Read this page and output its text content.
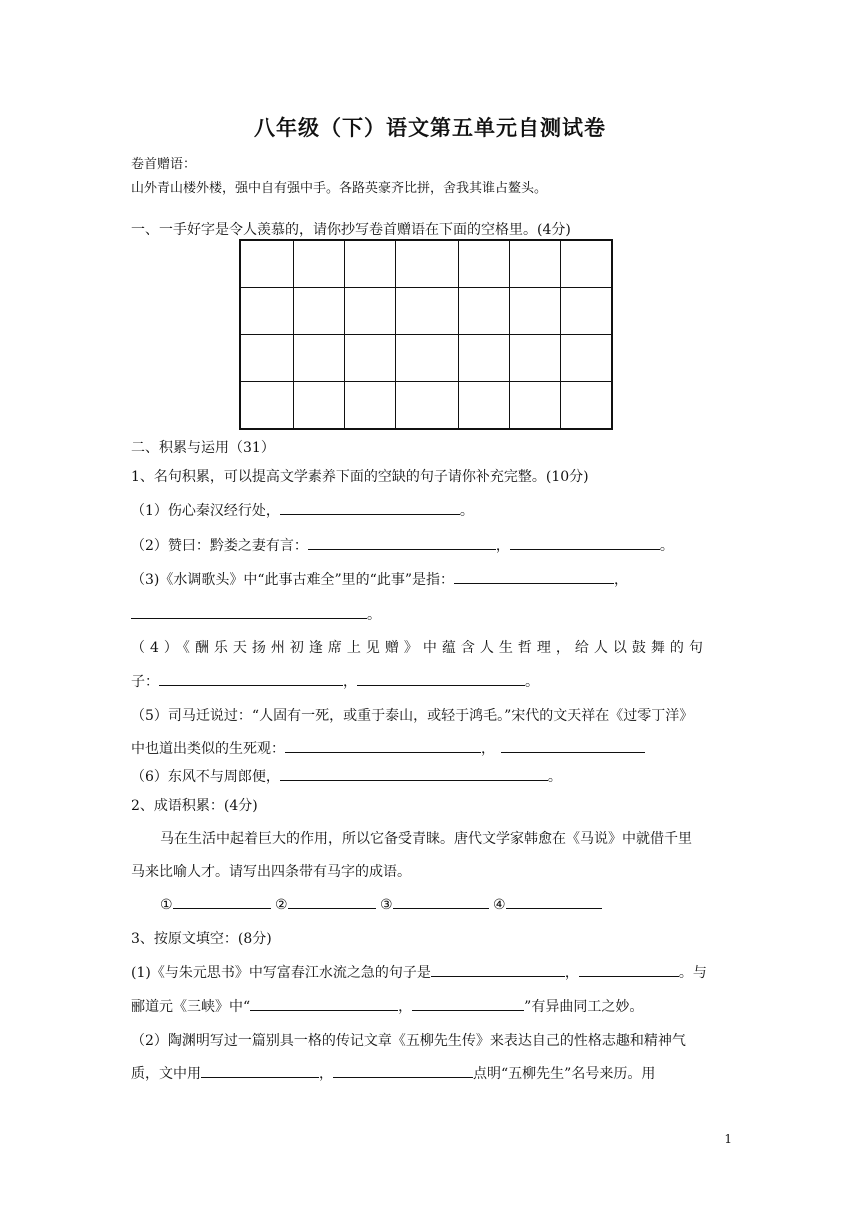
八年级（下）语文第五单元自测试卷
卷首赠语：
山外青山楼外楼，强中自有强中手。各路英豪齐比拼，舍我其谁占鳌头。
一、一手好字是令人羡慕的，请你抄写卷首赠语在下面的空格里。(4分)

二、积累与运用（31）
1、名句积累，可以提高文学素养下面的空缺的句子请你补充完整。(10分)
（1）伤心秦汉经行处，	。
（2）赞曰：黔娄之妻有言：	，	。
（3)《水调歌头》中“此事古难全”里的“此事”是指：	，
。
（4）《酬乐天扬州初逢席上见赠》中蕴含人生哲理，给人以鼓舞的句
子：	，	。
（5）司马迁说过：“人固有一死，或重于泰山，或轻于鸿毛。”宋代的文天祥在《过零丁洋》
中也道出类似的生死观：	，
（6）东风不与周郎便，	。
2、成语积累：(4分)
马在生活中起着巨大的作用，所以它备受青睐。唐代文学家韩愈在《马说》中就借千里
马来比喻人才。请写出四条带有马字的成语。
①	②	③	④
3、按原文填空：(8分)
(1)《与朱元思书》中写富春江水流之急的句子是	，	。与
郦道元《三峡》中“	，	”有异曲同工之妙。
（2）陶渊明写过一篇别具一格的传记文章《五柳先生传》来表达自己的性格志趣和精神气
质，文中用	，	点明“五柳先生”名号来历。用
1
